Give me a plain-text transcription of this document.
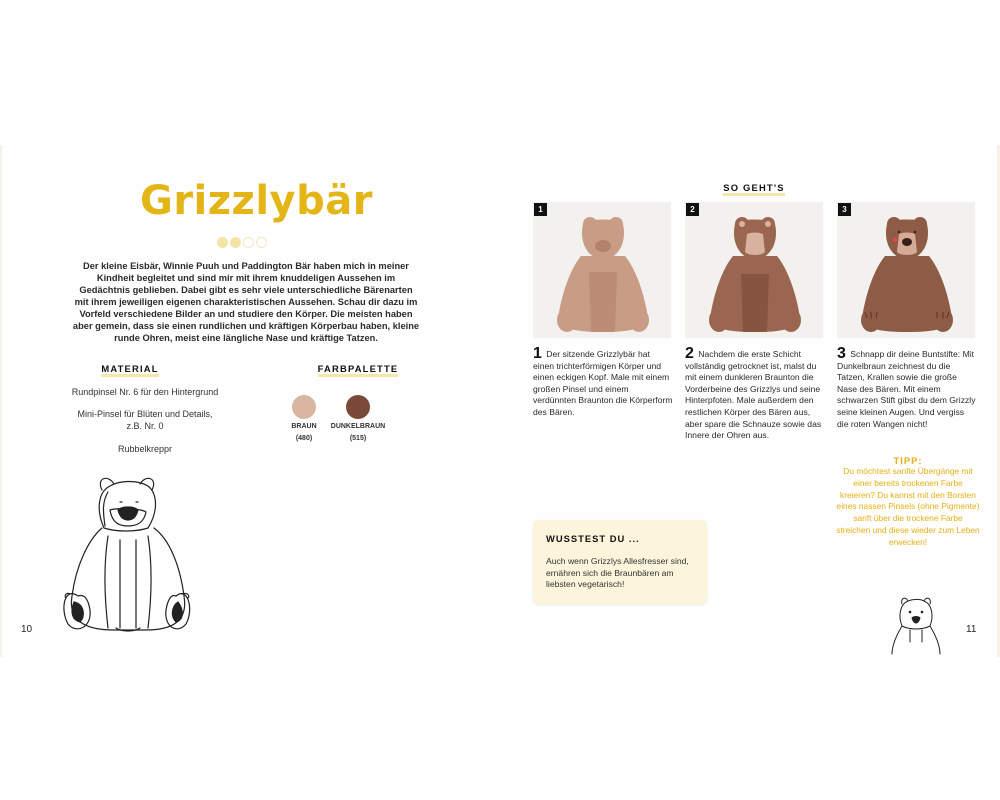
Grizzlybär
Der kleine Eisbär, Winnie Puuh und Paddington Bär haben mich in meiner Kindheit begleitet und sind mir mit ihrem knuddeligen Aussehen im Gedächtnis geblieben. Dabei gibt es sehr viele unterschiedliche Bärenarten mit ihrem jeweiligen eigenen charakteristischen Aussehen. Schau dir dazu im Vorfeld verschiedene Bilder an und studiere den Körper. Die meisten haben aber gemein, dass sie einen rundlichen und kräftigen Körperbau haben, kleine runde Ohren, meist eine längliche Nase und kräftige Tatzen.
MATERIAL
Rundpinsel Nr. 6 für den Hintergrund
Mini-Pinsel für Blüten und Details, z.B. Nr. 0
Rubbelkreppr
FARBPALETTE
BRAUN
(480)
DUNKELBRAUN
(515)
10
SO GEHT'S
1	2	3
1 Der sitzende Grizzlybär hat einen trichterförmigen Körper und einen eckigen Kopf. Male mit einem großen Pinsel und einem verdünnten Braunton die Körperform des Bären.
2 Nachdem die erste Schicht vollständig getrocknet ist, malst du mit einem dunkleren Braunton die Vorderbeine des Grizzlys und seine Hinterpfoten. Male außerdem den restlichen Körper des Bären aus, aber spare die Schnauze sowie das Innere der Ohren aus.
3 Schnapp dir deine Buntstifte: Mit Dunkelbraun zeichnest du die Tatzen, Krallen sowie die große Nase des Bären. Mit einem schwarzen Stift gibst du dem Grizzly seine kleinen Augen. Und vergiss die roten Wangen nicht!
WUSSTEST DU ...
Auch wenn Grizzlys Allesfresser sind, ernähren sich die Braunbären am liebsten vegetarisch!
TIPP:
Du möchtest sanfte Übergänge mit einer bereits trockenen Farbe kreieren? Du kannst mit den Borsten eines nassen Pinsels (ohne Pigmente) sanft über die trockene Farbe streichen und diese wieder zum Leben erwecken!
11
